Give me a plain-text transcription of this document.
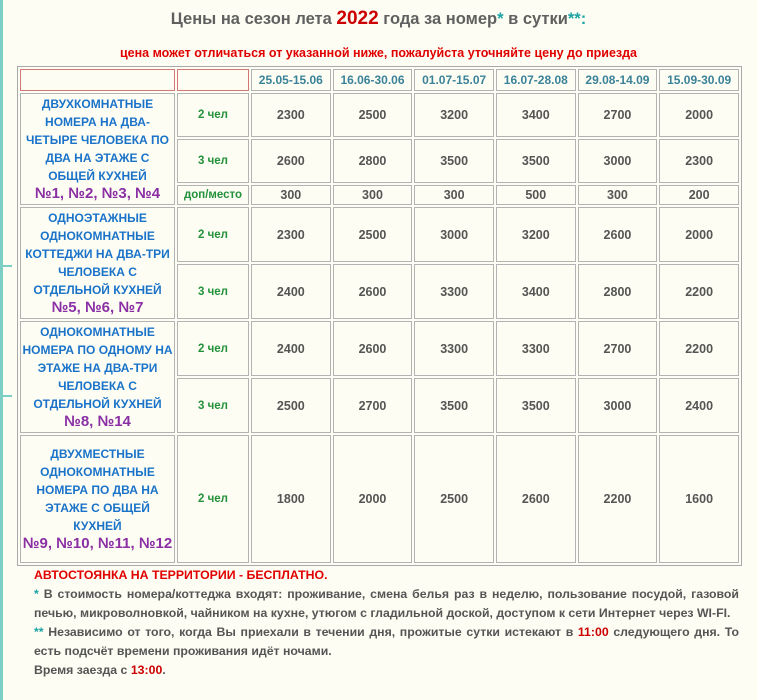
Цены на сезон лета 2022 года за номер* в сутки**:
цена может отличаться от указанной ниже, пожалуйста уточняйте цену до приезда
		25.05-15.06	16.06-30.06	01.07-15.07	16.07-28.08	29.08-14.09	15.09-30.09
ДВУХКОМНАТНЫЕ НОМЕРА НА ДВА-ЧЕТЫРЕ ЧЕЛОВЕКА ПО ДВА НА ЭТАЖЕ С ОБЩЕЙ КУХНЕЙ
№1, №2, №3, №4	2 чел	2300	2500	3200	3400	2700	2000
	3 чел	2600	2800	3500	3500	3000	2300
	доп/место	300	300	300	500	300	200
ОДНОЭТАЖНЫЕ ОДНОКОМНАТНЫЕ КОТТЕДЖИ НА ДВА-ТРИ ЧЕЛОВЕКА С ОТДЕЛЬНОЙ КУХНЕЙ
№5, №6, №7	2 чел	2300	2500	3000	3200	2600	2000
	3 чел	2400	2600	3300	3400	2800	2200
ОДНОКОМНАТНЫЕ НОМЕРА ПО ОДНОМУ НА ЭТАЖЕ НА ДВА-ТРИ ЧЕЛОВЕКА С ОТДЕЛЬНОЙ КУХНЕЙ
№8, №14	2 чел	2400	2600	3300	3300	2700	2200
	3 чел	2500	2700	3500	3500	3000	2400
ДВУХМЕСТНЫЕ ОДНОКОМНАТНЫЕ НОМЕРА ПО ДВА НА ЭТАЖЕ С ОБЩЕЙ КУХНЕЙ
№9, №10, №11, №12	2 чел	1800	2000	2500	2600	2200	1600
АВТОСТОЯНКА НА ТЕРРИТОРИИ - БЕСПЛАТНО.
* В стоимость номера/коттеджа входят: проживание, смена белья раз в неделю, пользование посудой, газовой печью, микроволновкой, чайником на кухне, утюгом с гладильной доской, доступом к сети Интернет через WI-FI.
** Независимо от того, когда Вы приехали в течении дня, прожитые сутки истекают в 11:00 следующего дня. То есть подсчёт времени проживания идёт ночами.
Время заезда с 13:00.
